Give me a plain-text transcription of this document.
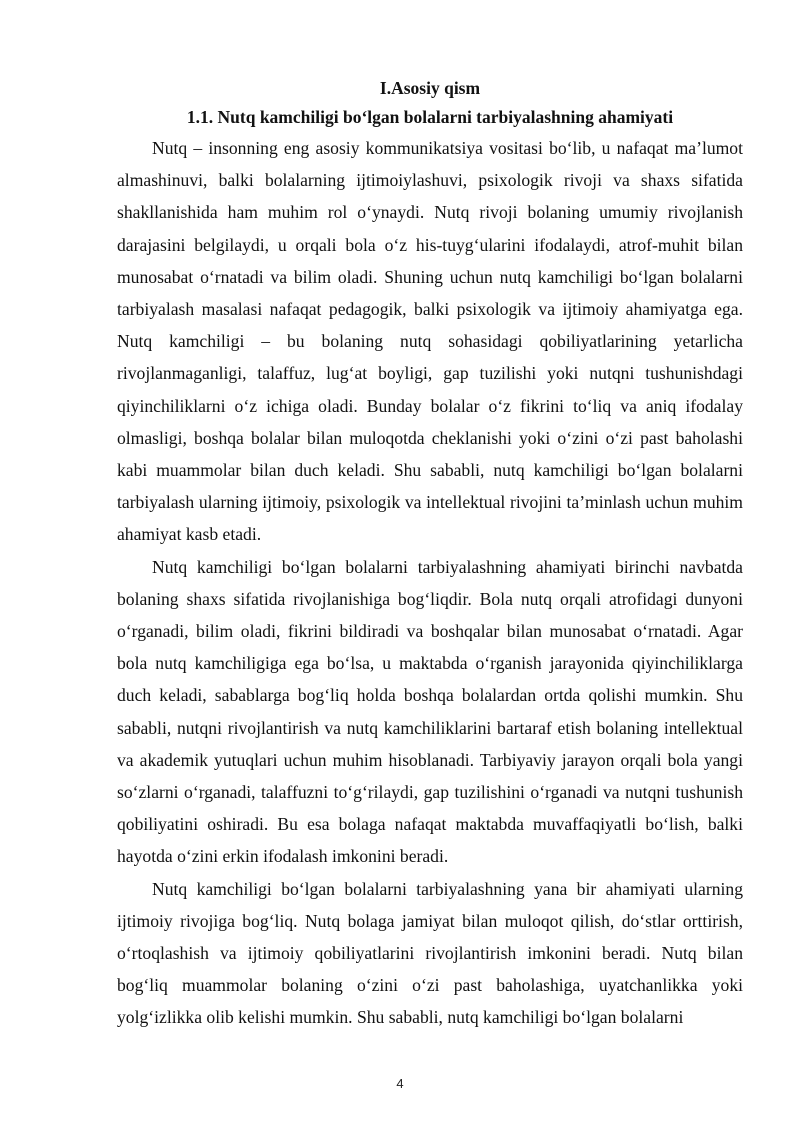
I.Asosiy qism

1.1. Nutq kamchiligi bo‘lgan bolalarni tarbiyalashning ahamiyati

Nutq – insonning eng asosiy kommunikatsiya vositasi bo‘lib, u nafaqat ma’lumot almashinuvi, balki bolalarning ijtimoiylashuvi, psixologik rivoji va shaxs sifatida shakllanishida ham muhim rol o‘ynaydi. Nutq rivoji bolaning umumiy rivojlanish darajasini belgilaydi, u orqali bola o‘z his-tuyg‘ularini ifodalaydi, atrof-muhit bilan munosabat o‘rnatadi va bilim oladi. Shuning uchun nutq kamchiligi bo‘lgan bolalarni tarbiyalash masalasi nafaqat pedagogik, balki psixologik va ijtimoiy ahamiyatga ega. Nutq kamchiligi – bu bolaning nutq sohasidagi qobiliyatlarining yetarlicha rivojlanmaganligi, talaffuz, lug‘at boyligi, gap tuzilishi yoki nutqni tushunishdagi qiyinchiliklarni o‘z ichiga oladi. Bunday bolalar o‘z fikrini to‘liq va aniq ifodalay olmasligi, boshqa bolalar bilan muloqotda cheklanishi yoki o‘zini o‘zi past baholashi kabi muammolar bilan duch keladi. Shu sababli, nutq kamchiligi bo‘lgan bolalarni tarbiyalash ularning ijtimoiy, psixologik va intellektual rivojini ta’minlash uchun muhim ahamiyat kasb etadi.

Nutq kamchiligi bo‘lgan bolalarni tarbiyalashning ahamiyati birinchi navbatda bolaning shaxs sifatida rivojlanishiga bog‘liqdir. Bola nutq orqali atrofidagi dunyoni o‘rganadi, bilim oladi, fikrini bildiradi va boshqalar bilan munosabat o‘rnatadi. Agar bola nutq kamchiligiga ega bo‘lsa, u maktabda o‘rganish jarayonida qiyinchiliklarga duch keladi, sabablarga bog‘liq holda boshqa bolalardan ortda qolishi mumkin. Shu sababli, nutqni rivojlantirish va nutq kamchiliklarini bartaraf etish bolaning intellektual va akademik yutuqlari uchun muhim hisoblanadi. Tarbiyaviy jarayon orqali bola yangi so‘zlarni o‘rganadi, talaffuzni to‘g‘rilaydi, gap tuzilishini o‘rganadi va nutqni tushunish qobiliyatini oshiradi. Bu esa bolaga nafaqat maktabda muvaffaqiyatli bo‘lish, balki hayotda o‘zini erkin ifodalash imkonini beradi.

Nutq kamchiligi bo‘lgan bolalarni tarbiyalashning yana bir ahamiyati ularning ijtimoiy rivojiga bog‘liq. Nutq bolaga jamiyat bilan muloqot qilish, do‘stlar orttirish, o‘rtoqlashish va ijtimoiy qobiliyatlarini rivojlantirish imkonini beradi. Nutq bilan bog‘liq muammolar bolaning o‘zini o‘zi past baholashiga, uyatchanlikka yoki yolg‘izlikka olib kelishi mumkin. Shu sababli, nutq kamchiligi bo‘lgan bolalarni

4
